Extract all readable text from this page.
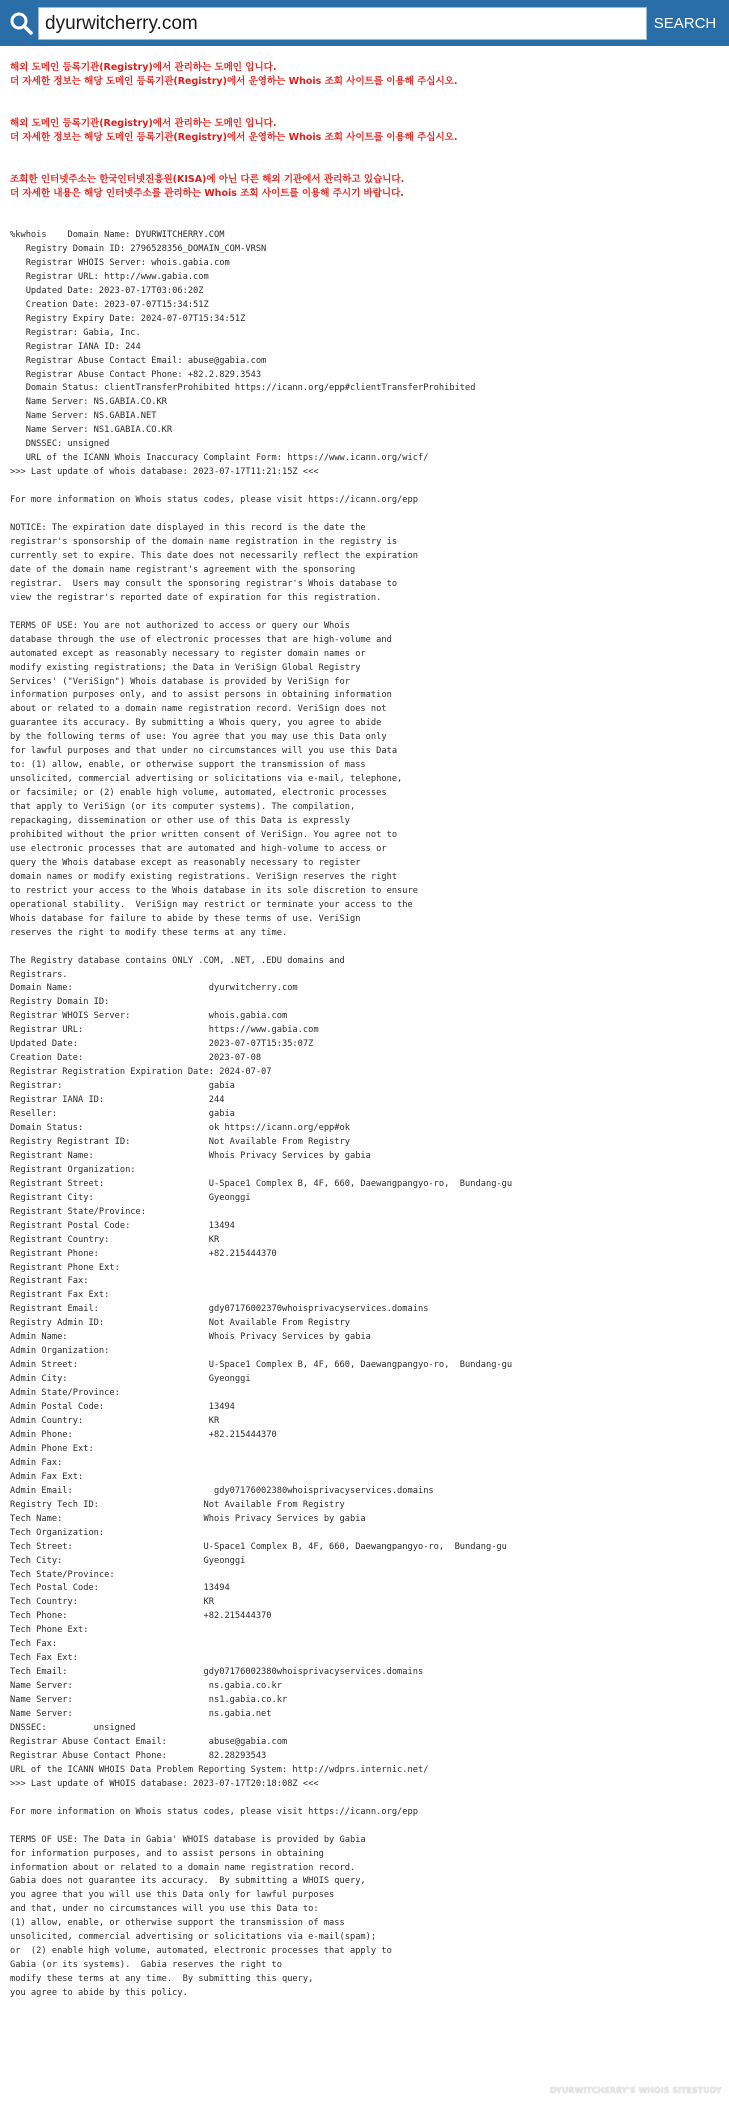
dyurwitcherry.com
SEARCH
해외 도메인 등록기관(Registry)에서 관리하는 도메인 입니다.
더 자세한 정보는 해당 도메인 등록기관(Registry)에서 운영하는 Whois 조회 사이트를 이용해 주십시오.
해외 도메인 등록기관(Registry)에서 관리하는 도메인 입니다.
더 자세한 정보는 해당 도메인 등록기관(Registry)에서 운영하는 Whois 조회 사이트를 이용해 주십시오.
조회한 인터넷주소는 한국인터넷진흥원(KISA)에 아닌 다른 해외 기관에서 관리하고 있습니다.
더 자세한 내용은 해당 인터넷주소를 관리하는 Whois 조회 사이트를 이용해 주시기 바랍니다.
%kwhois    Domain Name: DYURWITCHERRY.COM
Registry Domain ID: 2796528356_DOMAIN_COM-VRSN
Registrar WHOIS Server: whois.gabia.com
Registrar URL: http://www.gabia.com
Updated Date: 2023-07-17T03:06:20Z
Creation Date: 2023-07-07T15:34:51Z
Registry Expiry Date: 2024-07-07T15:34:51Z
Registrar: Gabia, Inc.
Registrar IANA ID: 244
Registrar Abuse Contact Email: abuse@gabia.com
Registrar Abuse Contact Phone: +82.2.829.3543
Domain Status: clientTransferProhibited https://icann.org/epp#clientTransferProhibited
Name Server: NS.GABIA.CO.KR
Name Server: NS.GABIA.NET
Name Server: NS1.GABIA.CO.KR
DNSSEC: unsigned
URL of the ICANN Whois Inaccuracy Complaint Form: https://www.icann.org/wicf/
>>> Last update of whois database: 2023-07-17T11:21:15Z <<<

For more information on Whois status codes, please visit https://icann.org/epp

NOTICE: The expiration date displayed in this record is the date the
registrar's sponsorship of the domain name registration in the registry is
currently set to expire. This date does not necessarily reflect the expiration
date of the domain name registrant's agreement with the sponsoring
registrar.  Users may consult the sponsoring registrar's Whois database to
view the registrar's reported date of expiration for this registration.

TERMS OF USE: You are not authorized to access or query our Whois
database through the use of electronic processes that are high-volume and
automated except as reasonably necessary to register domain names or
modify existing registrations; the Data in VeriSign Global Registry
Services' ("VeriSign") Whois database is provided by VeriSign for
information purposes only, and to assist persons in obtaining information
about or related to a domain name registration record. VeriSign does not
guarantee its accuracy. By submitting a Whois query, you agree to abide
by the following terms of use: You agree that you may use this Data only
for lawful purposes and that under no circumstances will you use this Data
to: (1) allow, enable, or otherwise support the transmission of mass
unsolicited, commercial advertising or solicitations via e-mail, telephone,
or facsimile; or (2) enable high volume, automated, electronic processes
that apply to VeriSign (or its computer systems). The compilation,
repackaging, dissemination or other use of this Data is expressly
prohibited without the prior written consent of VeriSign. You agree not to
use electronic processes that are automated and high-volume to access or
query the Whois database except as reasonably necessary to register
domain names or modify existing registrations. VeriSign reserves the right
to restrict your access to the Whois database in its sole discretion to ensure
operational stability.  VeriSign may restrict or terminate your access to the
Whois database for failure to abide by these terms of use. VeriSign
reserves the right to modify these terms at any time.

The Registry database contains ONLY .COM, .NET, .EDU domains and
Registrars.
Domain Name:                          dyurwitcherry.com
Registry Domain ID:
Registrar WHOIS Server:               whois.gabia.com
Registrar URL:                        https://www.gabia.com
Updated Date:                         2023-07-07T15:35:07Z
Creation Date:                        2023-07-08
Registrar Registration Expiration Date: 2024-07-07
Registrar:                            gabia
Registrar IANA ID:                    244
Reseller:                             gabia
Domain Status:                        ok https://icann.org/epp#ok
Registry Registrant ID:               Not Available From Registry
Registrant Name:                      Whois Privacy Services by gabia
Registrant Organization:
Registrant Street:                    U-Space1 Complex B, 4F, 660, Daewangpangyo-ro,  Bundang-gu
Registrant City:                      Gyeonggi
Registrant State/Province:
Registrant Postal Code:               13494
Registrant Country:                   KR
Registrant Phone:                     +82.215444370
Registrant Phone Ext:
Registrant Fax:
Registrant Fax Ext:
Registrant Email:                     gdy07176002370whoisprivacyservices.domains
Registry Admin ID:                    Not Available From Registry
Admin Name:                           Whois Privacy Services by gabia
Admin Organization:
Admin Street:                         U-Space1 Complex B, 4F, 660, Daewangpangyo-ro,  Bundang-gu
Admin City:                           Gyeonggi
Admin State/Province:
Admin Postal Code:                    13494
Admin Country:                        KR
Admin Phone:                          +82.215444370
Admin Phone Ext:
Admin Fax:
Admin Fax Ext:
Admin Email:                           gdy07176002380whoisprivacyservices.domains
Registry Tech ID:                    Not Available From Registry
Tech Name:                           Whois Privacy Services by gabia
Tech Organization:
Tech Street:                         U-Space1 Complex B, 4F, 660, Daewangpangyo-ro,  Bundang-gu
Tech City:                           Gyeonggi
Tech State/Province:
Tech Postal Code:                    13494
Tech Country:                        KR
Tech Phone:                          +82.215444370
Tech Phone Ext:
Tech Fax:
Tech Fax Ext:
Tech Email:                          gdy07176002380whoisprivacyservices.domains
Name Server:                          ns.gabia.co.kr
Name Server:                          ns1.gabia.co.kr
Name Server:                          ns.gabia.net
DNSSEC:         unsigned
Registrar Abuse Contact Email:        abuse@gabia.com
Registrar Abuse Contact Phone:        82.28293543
URL of the ICANN WHOIS Data Problem Reporting System: http://wdprs.internic.net/
>>> Last update of WHOIS database: 2023-07-17T20:18:08Z <<<

For more information on Whois status codes, please visit https://icann.org/epp

TERMS OF USE: The Data in Gabia' WHOIS database is provided by Gabia
for information purposes, and to assist persons in obtaining
information about or related to a domain name registration record.
Gabia does not guarantee its accuracy.  By submitting a WHOIS query,
you agree that you will use this Data only for lawful purposes
and that, under no circumstances will you use this Data to:
(1) allow, enable, or otherwise support the transmission of mass
unsolicited, commercial advertising or solicitations via e-mail(spam);
or  (2) enable high volume, automated, electronic processes that apply to
Gabia (or its systems).  Gabia reserves the right to
modify these terms at any time.  By submitting this query,
you agree to abide by this policy.
DYURWITCHERRY'S WHOIS SITESTUDY
